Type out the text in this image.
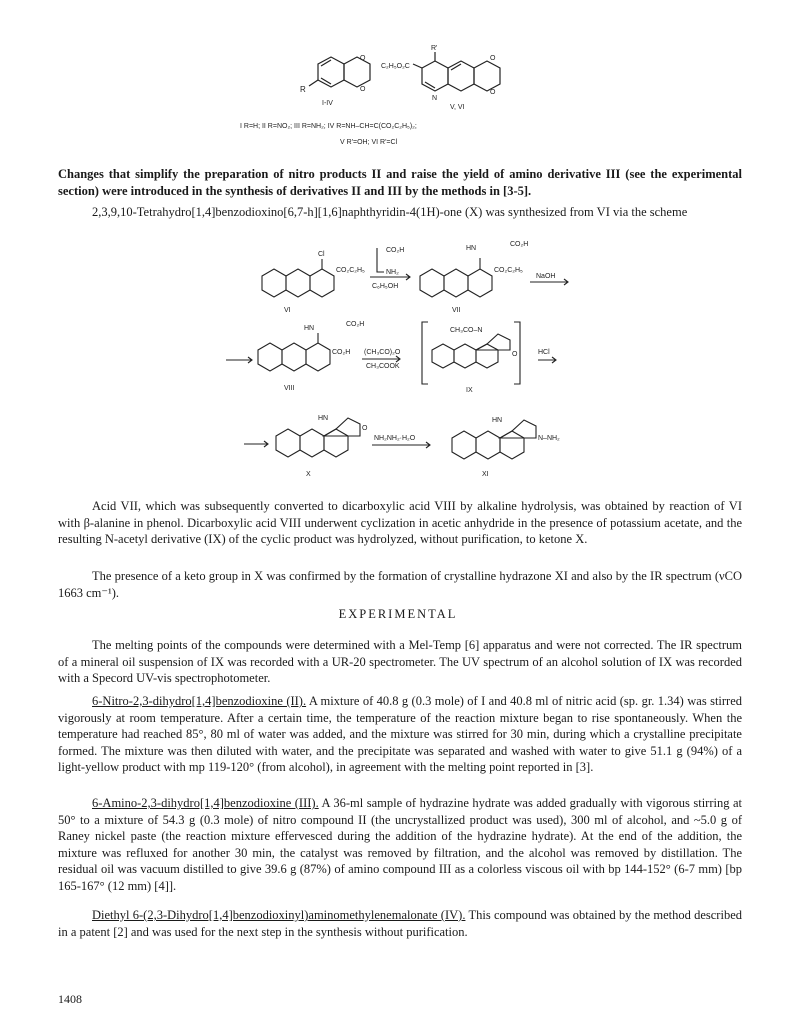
R
O
O
I-IV
R'
C₂H₅O₂C
N
O
O
V, VI
I R=H; II R=NO₂; III R=NH₂; IV R=NH–CH=C(CO₂C₂H₅)₂;
V R'=OH; VI R'=Cl

Changes that simplify the preparation of nitro products II and raise the yield of amino derivative III (see the experimental section) were introduced in the synthesis of derivatives II and III by the methods in [3-5].

2,3,9,10-Tetrahydro[1,4]benzodioxino[6,7-h][1,6]naphthyridin-4(1H)-one (X) was synthesized from VI via the scheme

Cl
CO₂C₂H₅
VI
CO₂H
NH₂
C₆H₅OH
HN
CO₂H
CO₂C₂H₅
VII
NaOH
HN
CO₂H
CO₂H
VIII
(CH₃CO)₂O
CH₃COOK
CH₃CO–N
O
IX
HCl
HN
O
X
NH₂NH₂·H₂O
HN
N–NH₂
XI

Acid VII, which was subsequently converted to dicarboxylic acid VIII by alkaline hydrolysis, was obtained by reaction of VI with β-alanine in phenol. Dicarboxylic acid VIII underwent cyclization in acetic anhydride in the presence of potassium acetate, and the resulting N-acetyl derivative (IX) of the cyclic product was hydrolyzed, without purification, to ketone X.

The presence of a keto group in X was confirmed by the formation of crystalline hydrazone XI and also by the IR spectrum (νCO 1663 cm⁻¹).

EXPERIMENTAL

The melting points of the compounds were determined with a Mel-Temp [6] apparatus and were not corrected. The IR spectrum of a mineral oil suspension of IX was recorded with a UR-20 spectrometer. The UV spectrum of an alcohol solution of IX was recorded with a Specord UV-vis spectrophotometer.

6-Nitro-2,3-dihydro[1,4]benzodioxine (II). A mixture of 40.8 g (0.3 mole) of I and 40.8 ml of nitric acid (sp. gr. 1.34) was stirred vigorously at room temperature. After a certain time, the temperature of the reaction mixture began to rise spontaneously. When the temperature had reached 85°, 80 ml of water was added, and the mixture was stirred for 30 min, during which a crystalline precipitate formed. The mixture was then diluted with water, and the precipitate was separated and washed with water to give 51.1 g (94%) of a light-yellow product with mp 119-120° (from alcohol), in agreement with the melting point reported in [3].

6-Amino-2,3-dihydro[1,4]benzodioxine (III). A 36-ml sample of hydrazine hydrate was added gradually with vigorous stirring at 50° to a mixture of 54.3 g (0.3 mole) of nitro compound II (the uncrystallized product was used), 300 ml of alcohol, and ~5.0 g of Raney nickel paste (the reaction mixture effervesced during the addition of the hydrazine hydrate). At the end of the addition, the mixture was refluxed for another 30 min, the catalyst was removed by filtration, and the alcohol was removed by distillation. The residual oil was vacuum distilled to give 39.6 g (87%) of amino compound III as a colorless viscous oil with bp 144-152° (6-7 mm) [bp 165-167° (12 mm) [4]].

Diethyl 6-(2,3-Dihydro[1,4]benzodioxinyl)aminomethylenemalonate (IV). This compound was obtained by the method described in a patent [2] and was used for the next step in the synthesis without purification.

1408
